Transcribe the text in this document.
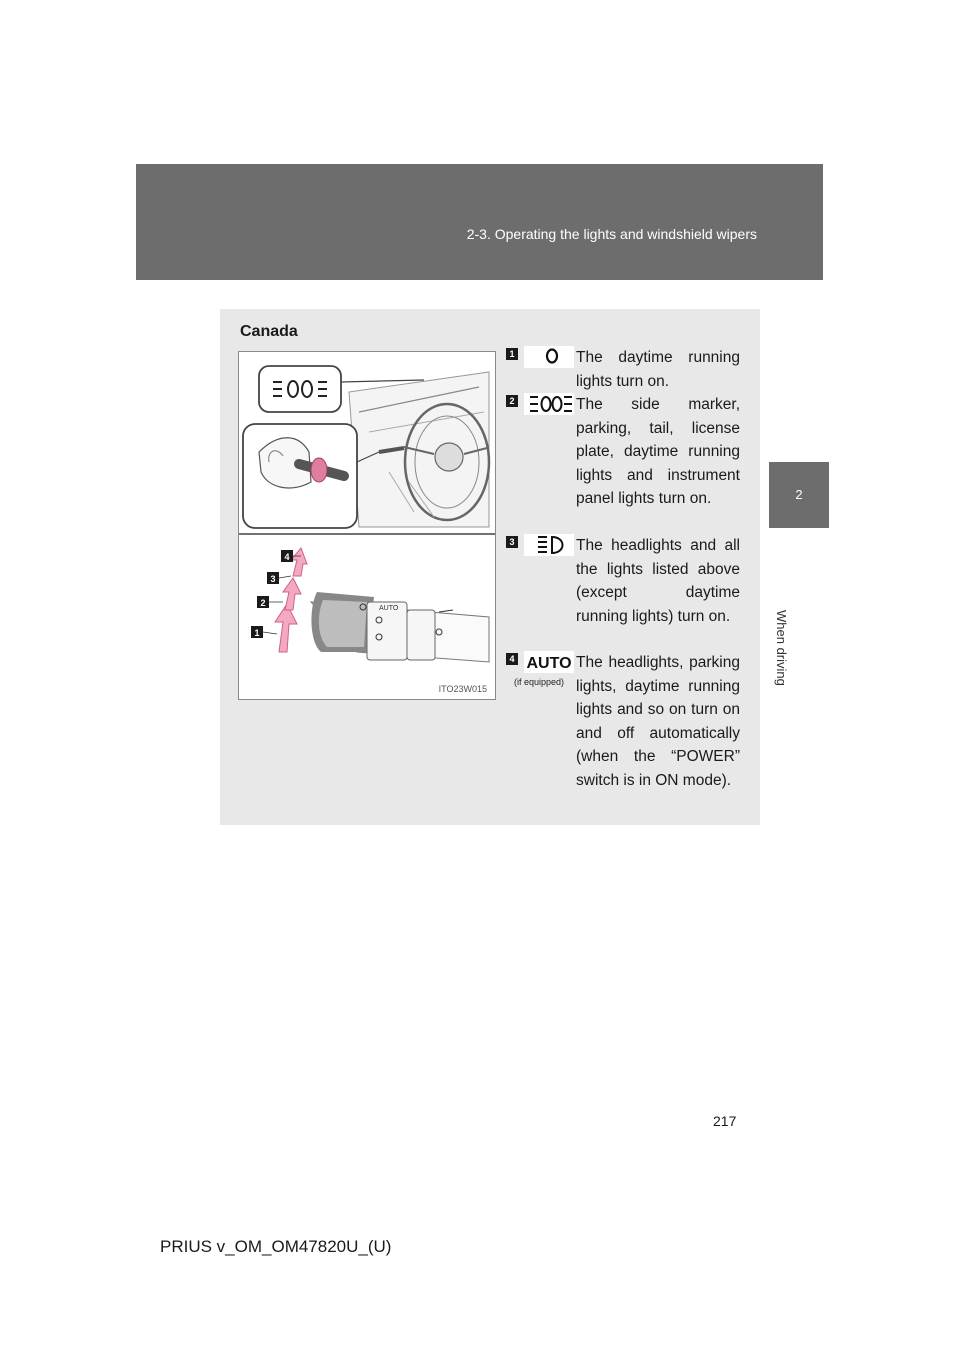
2-3. Operating the lights and windshield wipers
2
When driving
Canada
AUTO
1
2
3
4
ITO23W015
1	The daytime running lights turn on.
2	The side marker, parking, tail, license plate, daytime running lights and instrument panel lights turn on.
3	The headlights and all the lights listed above (except daytime running lights) turn on.
4 AUTO
(if equipped)
The headlights, parking lights, daytime running lights and so on turn on and off automatically (when the “POWER” switch is in ON mode).
217
PRIUS v_OM_OM47820U_(U)
